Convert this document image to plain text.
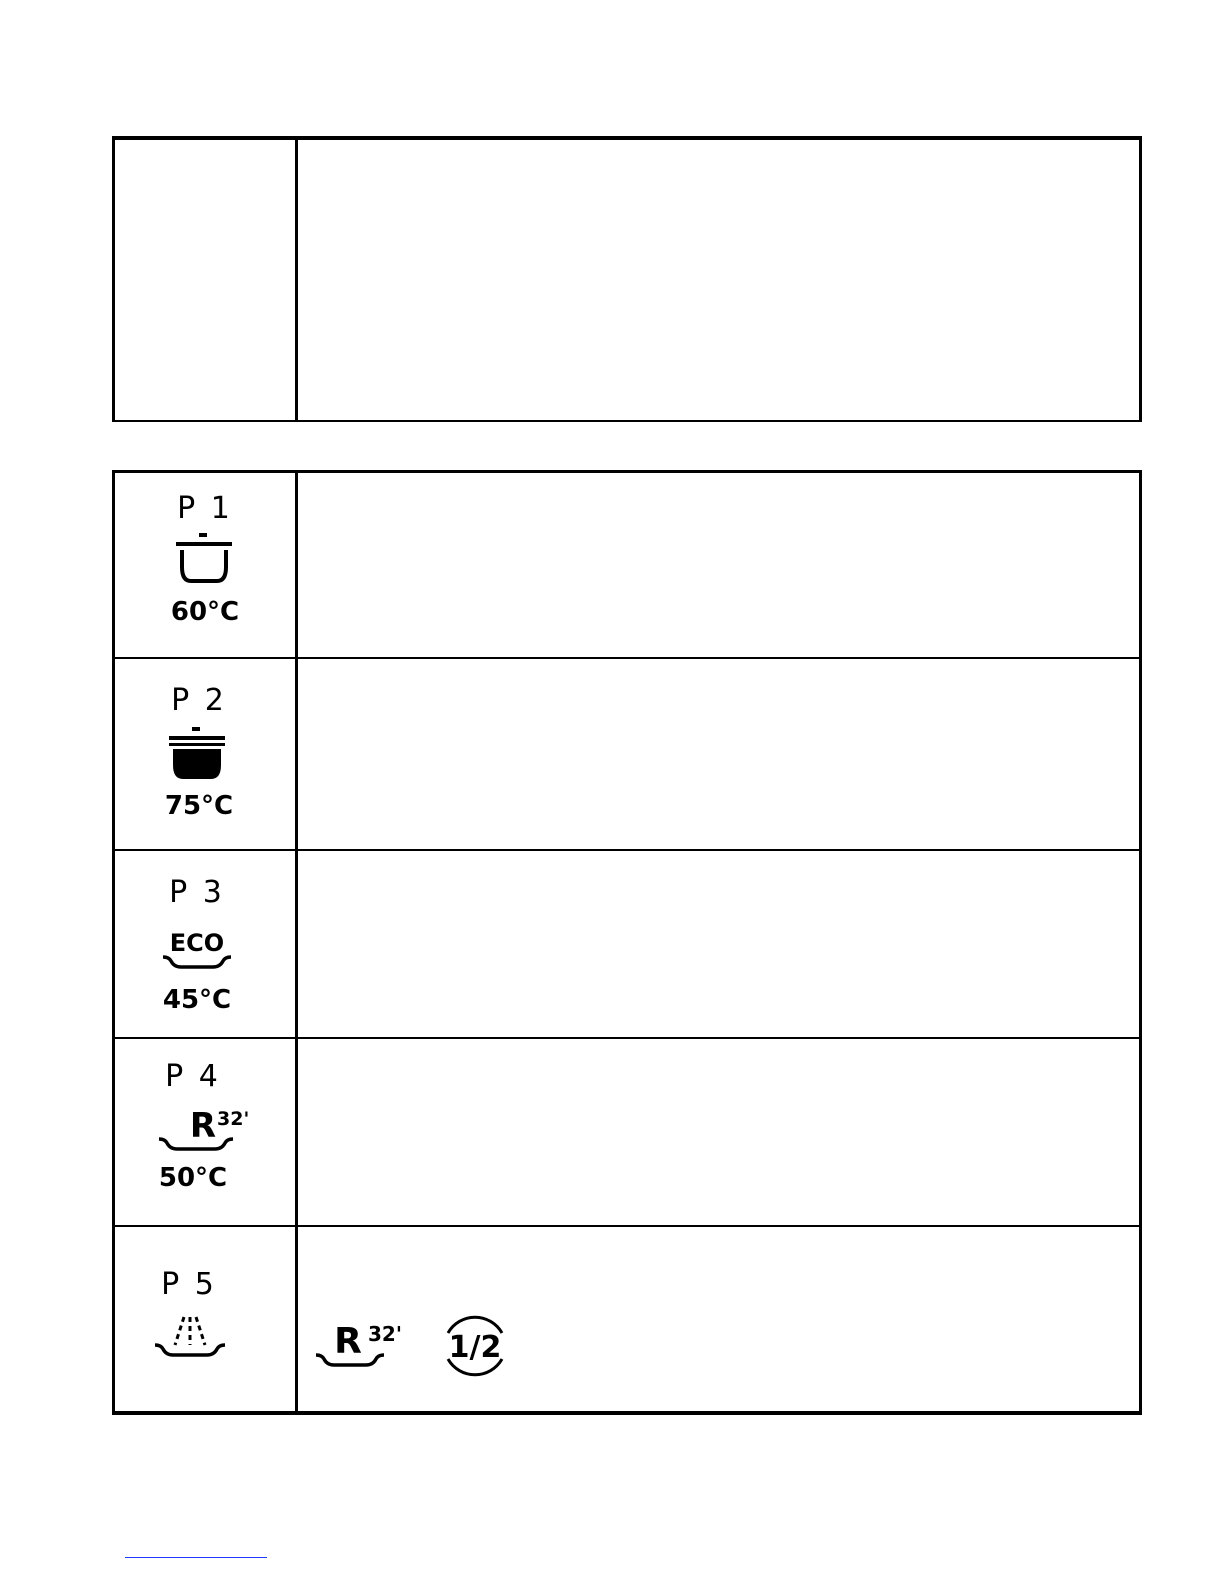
P 1
60°C
P 2
75°C
P 3
ECO
45°C
P 4
R 32'
50°C
P 5
R 32' 1/2
